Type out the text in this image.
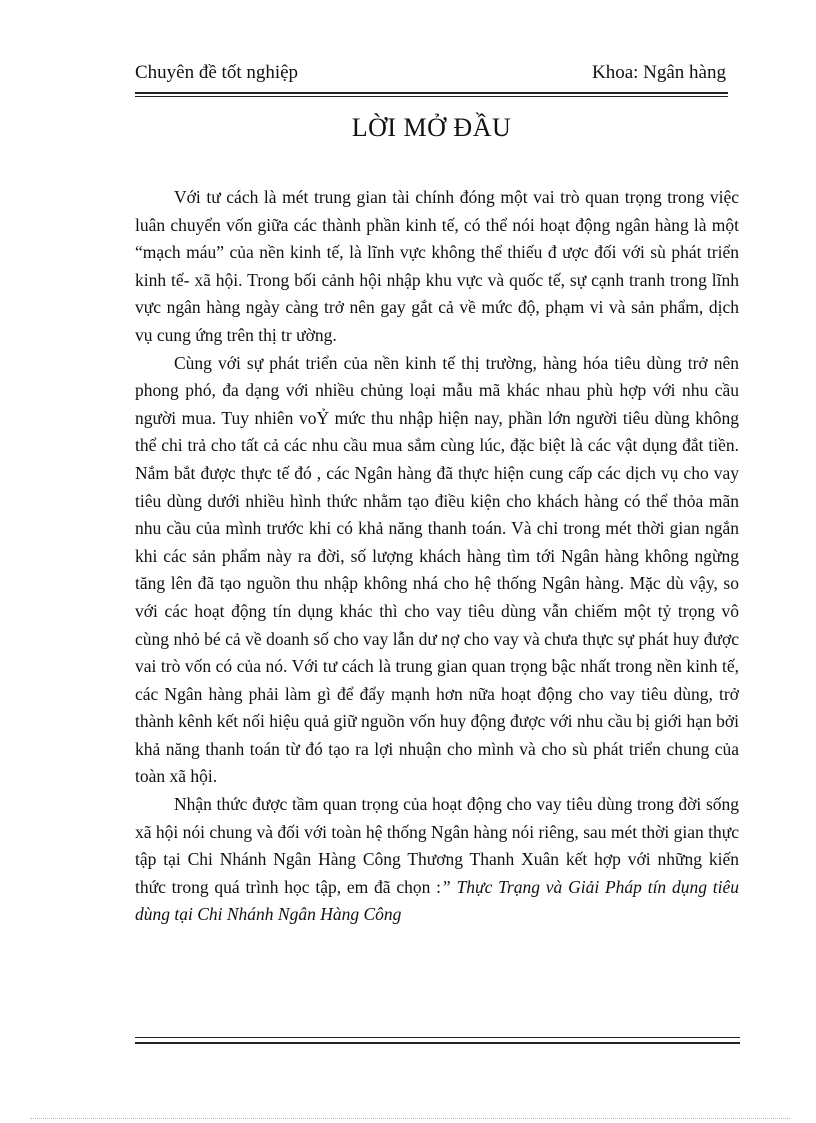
Chuyên đề tốt nghiệp	Khoa: Ngân hàng
LỜI MỞ ĐẦU

Với tư cách là mét trung gian tài chính đóng một vai trò quan trọng trong việc luân chuyển vốn giữa các thành phần kinh tế, có thể nói hoạt động ngân hàng là một “mạch máu” của nền kinh tế, là lĩnh vực không thể thiếu đ ược đối với sù phát triển kinh tế- xã hội. Trong bối cảnh hội nhập khu vực và quốc tế, sự cạnh tranh trong lĩnh vực ngân hàng ngày càng trở nên gay gắt cả về mức độ, phạm vi và sản phẩm, dịch vụ cung ứng trên thị tr ường.

Cùng với sự phát triển của nền kinh tế thị trường, hàng hóa tiêu dùng trở nên phong phó, đa dạng với nhiều chủng loại mẫu mã khác nhau phù hợp với nhu cầu người mua. Tuy nhiên voỶ mức thu nhập hiện nay, phần lớn người tiêu dùng không thể chi trả cho tất cả các nhu cầu mua sắm cùng lúc, đặc biệt là các vật dụng đắt tiền. Nắm bắt được thực tế đó , các Ngân hàng đã thực hiện cung cấp các dịch vụ cho vay tiêu dùng dưới nhiều hình thức nhằm tạo điều kiện cho khách hàng có thể thỏa mãn nhu cầu của mình trước khi có khả năng thanh toán. Và chỉ trong mét thời gian ngắn khi các sản phẩm này ra đời, số lượng khách hàng tìm tới Ngân hàng không ngừng tăng lên đã tạo nguồn thu nhập không nhá cho hệ thống Ngân hàng. Mặc dù vậy, so với các hoạt động tín dụng khác thì cho vay tiêu dùng vẫn chiếm một tỷ trọng vô cùng nhỏ bé cả về doanh số cho vay lẫn dư nợ cho vay và chưa thực sự phát huy được vai trò vốn có của nó. Với tư cách là trung gian quan trọng bậc nhất trong nền kinh tế, các Ngân hàng phải làm gì để đẩy mạnh hơn nữa hoạt động cho vay tiêu dùng, trở thành kênh kết nối hiệu quả giữ nguồn vốn huy động được với nhu cầu bị giới hạn bởi khả năng thanh toán từ đó tạo ra lợi nhuận cho mình và cho sù phát triển chung của toàn xã hội.

Nhận thức được tầm quan trọng của hoạt động cho vay tiêu dùng trong đời sống xã hội nói chung và đối với toàn hệ thống Ngân hàng nói riêng, sau mét thời gian thực tập tại Chi Nhánh Ngân Hàng Công Thương Thanh Xuân kết hợp với những kiến thức trong quá trình học tập, em đã chọn :” Thực Trạng và Giải Pháp tín dụng tiêu dùng tại Chi Nhánh Ngân Hàng Công
